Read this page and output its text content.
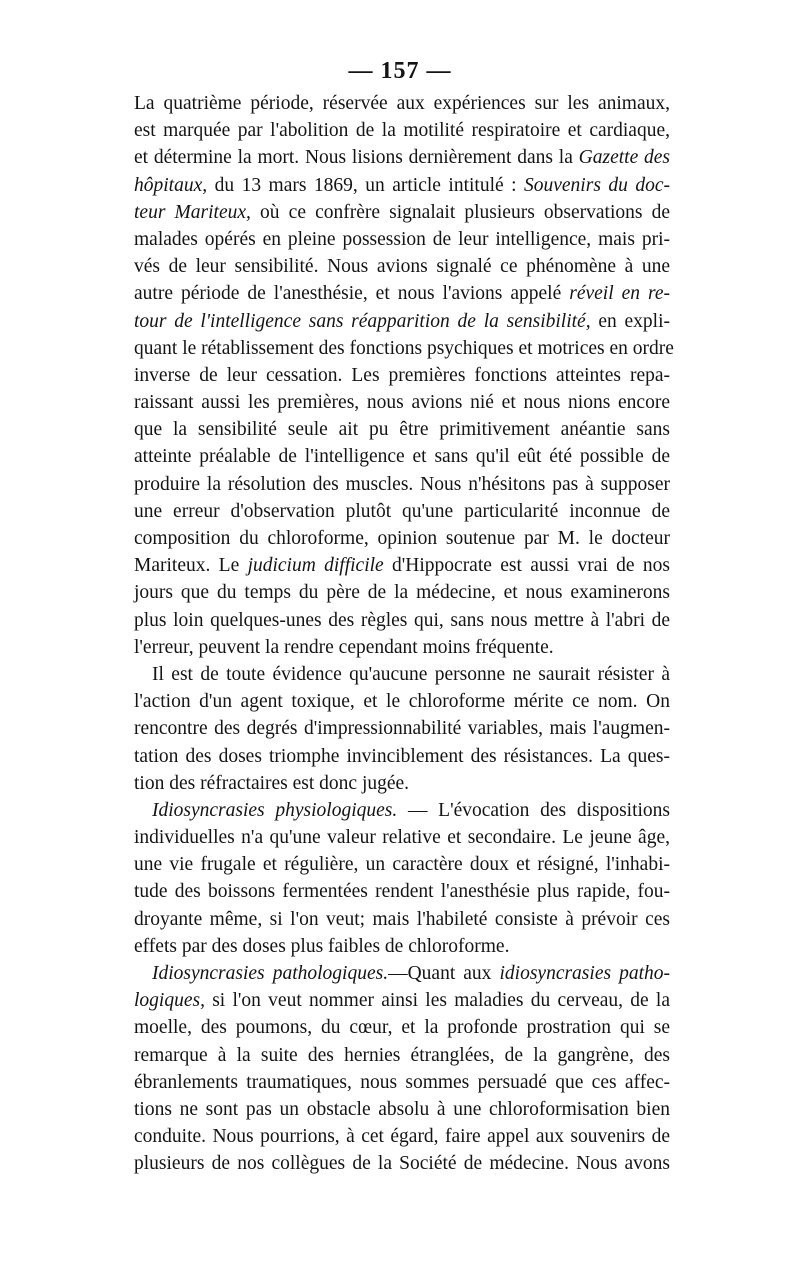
— 157 —
La quatrième période, réservée aux expériences sur les animaux,
est marquée par l'abolition de la motilité respiratoire et cardiaque,
et détermine la mort. Nous lisions dernièrement dans la Gazette des
hôpitaux, du 13 mars 1869, un article intitulé : Souvenirs du doc-
teur Mariteux, où ce confrère signalait plusieurs observations de
malades opérés en pleine possession de leur intelligence, mais pri-
vés de leur sensibilité. Nous avions signalé ce phénomène à une
autre période de l'anesthésie, et nous l'avions appelé réveil en re-
tour de l'intelligence sans réapparition de la sensibilité, en expli-
quant le rétablissement des fonctions psychiques et motrices en ordre
inverse de leur cessation. Les premières fonctions atteintes repa-
raissant aussi les premières, nous avions nié et nous nions encore
que la sensibilité seule ait pu être primitivement anéantie sans
atteinte préalable de l'intelligence et sans qu'il eût été possible de
produire la résolution des muscles. Nous n'hésitons pas à supposer
une erreur d'observation plutôt qu'une particularité inconnue de
composition du chloroforme, opinion soutenue par M. le docteur
Mariteux. Le judicium difficile d'Hippocrate est aussi vrai de nos
jours que du temps du père de la médecine, et nous examinerons
plus loin quelques-unes des règles qui, sans nous mettre à l'abri de
l'erreur, peuvent la rendre cependant moins fréquente.
Il est de toute évidence qu'aucune personne ne saurait résister à
l'action d'un agent toxique, et le chloroforme mérite ce nom. On
rencontre des degrés d'impressionnabilité variables, mais l'augmen-
tation des doses triomphe invinciblement des résistances. La ques-
tion des réfractaires est donc jugée.
Idiosyncrasies physiologiques. — L'évocation des dispositions
individuelles n'a qu'une valeur relative et secondaire. Le jeune âge,
une vie frugale et régulière, un caractère doux et résigné, l'inhabi-
tude des boissons fermentées rendent l'anesthésie plus rapide, fou-
droyante même, si l'on veut; mais l'habileté consiste à prévoir ces
effets par des doses plus faibles de chloroforme.
Idiosyncrasies pathologiques.—Quant aux idiosyncrasies patho-
logiques, si l'on veut nommer ainsi les maladies du cerveau, de la
moelle, des poumons, du cœur, et la profonde prostration qui se
remarque à la suite des hernies étranglées, de la gangrène, des
ébranlements traumatiques, nous sommes persuadé que ces affec-
tions ne sont pas un obstacle absolu à une chloroformisation bien
conduite. Nous pourrions, à cet égard, faire appel aux souvenirs de
plusieurs de nos collègues de la Société de médecine. Nous avons
